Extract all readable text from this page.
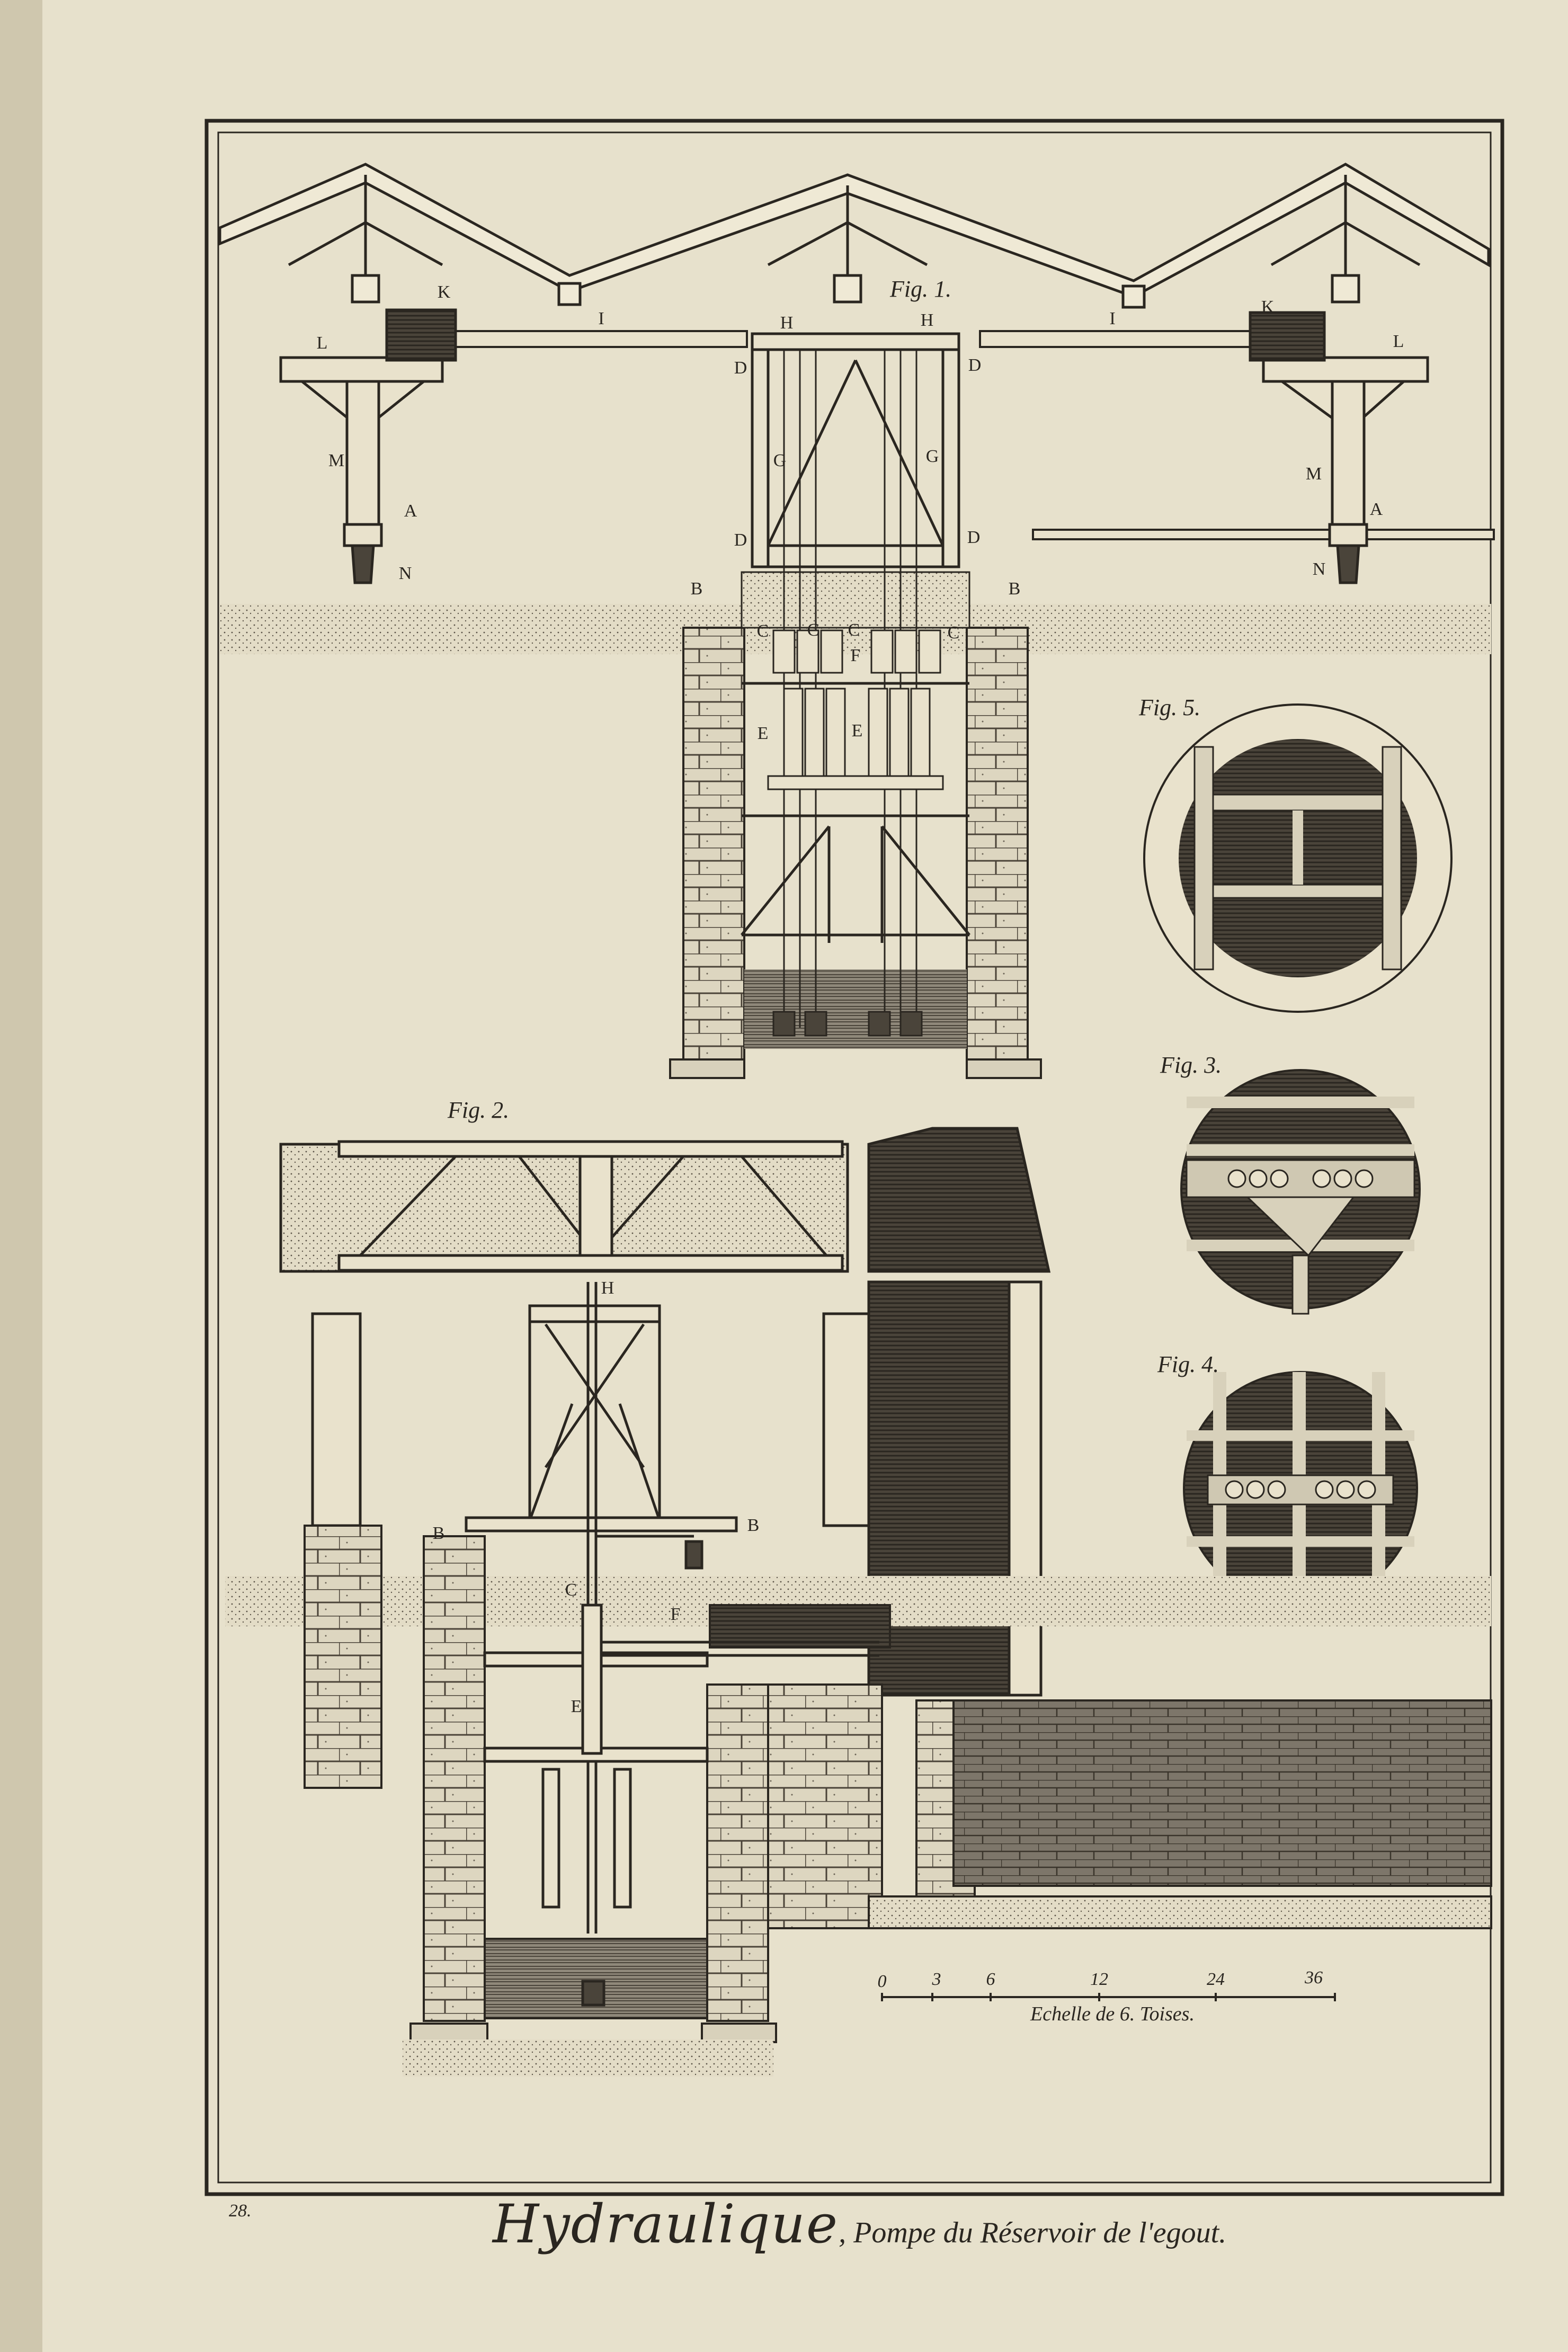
Fig. 1.
Fig. 2.
Fig. 3.
Fig. 4.
Fig. 5.
K
L
I
M
A
N
H	H
D	D
G	G
D	D
I
K
L
M
A
N
B	B
C C C	C
F
E	E
H
B	B
C
F
E
0	3	6	12	24	36
Echelle de 6. Toises.
28.	Hydraulique, Pompe du Réservoir de l'egout.
